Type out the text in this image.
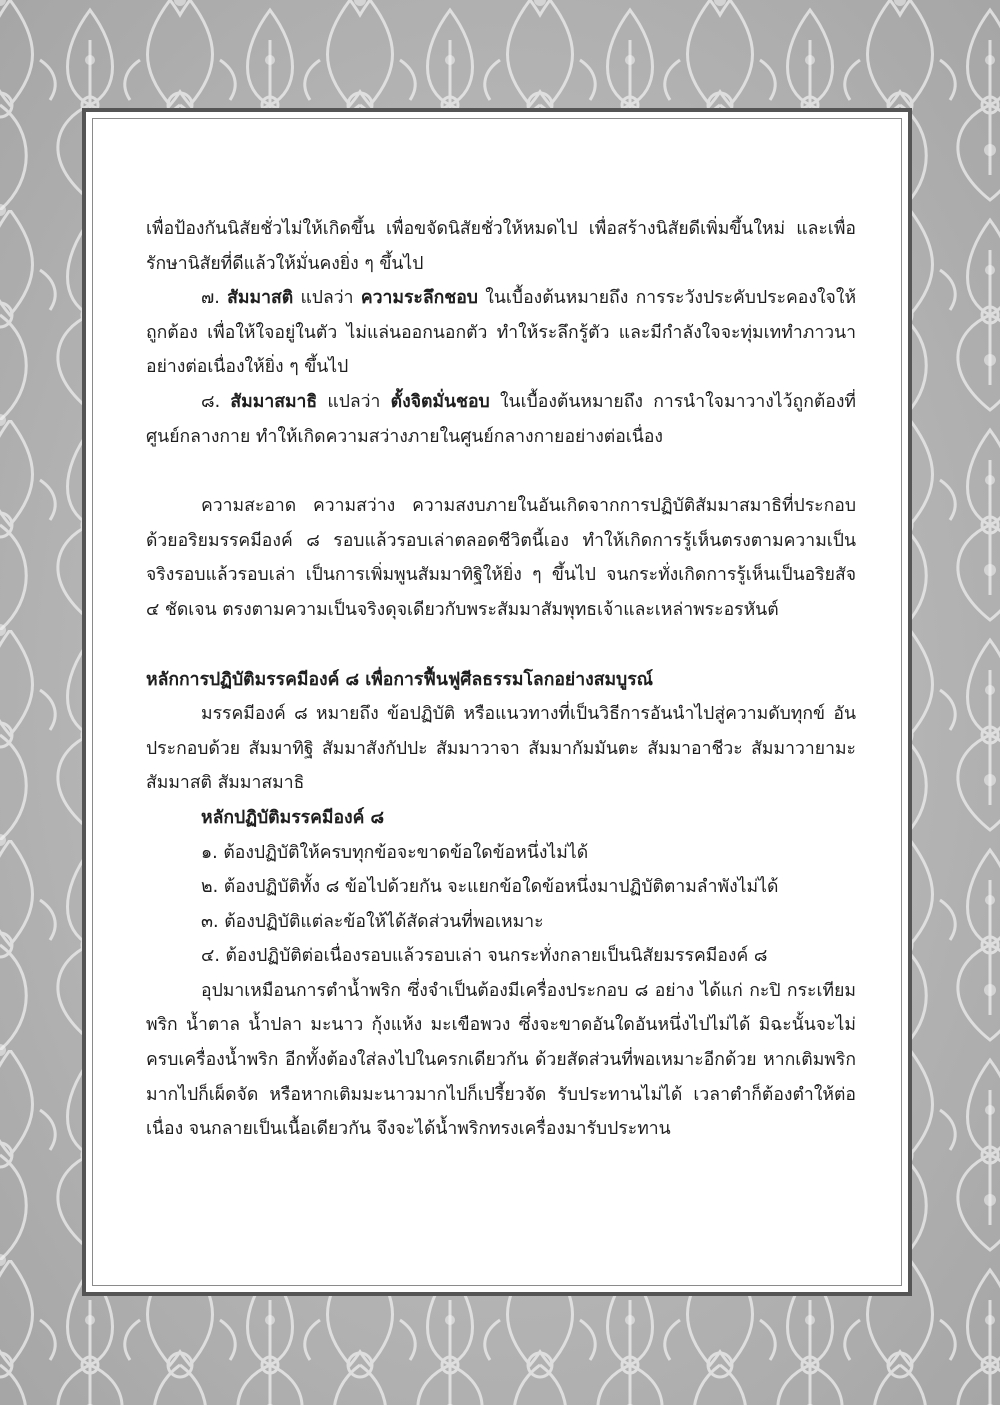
เพื่อป้องกันนิสัยชั่วไม่ให้เกิดขึ้น เพื่อขจัดนิสัยชั่วให้หมดไป เพื่อสร้างนิสัยดีเพิ่มขึ้นใหม่ และเพื่อรักษานิสัยที่ดีแล้วให้มั่นคงยิ่ง ๆ ขึ้นไป

๗. สัมมาสติ แปลว่า ความระลึกชอบ ในเบื้องต้นหมายถึง การระวังประคับประคองใจให้ถูกต้อง เพื่อให้ใจอยู่ในตัว ไม่แล่นออกนอกตัว ทำให้ระลึกรู้ตัว และมีกำลังใจจะทุ่มเททำภาวนาอย่างต่อเนื่องให้ยิ่ง ๆ ขึ้นไป

๘. สัมมาสมาธิ แปลว่า ตั้งจิตมั่นชอบ ในเบื้องต้นหมายถึง การนำใจมาวางไว้ถูกต้องที่ศูนย์กลางกาย ทำให้เกิดความสว่างภายในศูนย์กลางกายอย่างต่อเนื่อง

ความสะอาด ความสว่าง ความสงบภายในอันเกิดจากการปฏิบัติสัมมาสมาธิที่ประกอบด้วยอริยมรรคมีองค์ ๘ รอบแล้วรอบเล่าตลอดชีวิตนี้เอง ทำให้เกิดการรู้เห็นตรงตามความเป็นจริงรอบแล้วรอบเล่า เป็นการเพิ่มพูนสัมมาทิฐิให้ยิ่ง ๆ ขึ้นไป จนกระทั่งเกิดการรู้เห็นเป็นอริยสัจ ๔ ชัดเจน ตรงตามความเป็นจริงดุจเดียวกับพระสัมมาสัมพุทธเจ้าและเหล่าพระอรหันต์

หลักการปฏิบัติมรรคมีองค์ ๘ เพื่อการฟื้นฟูศีลธรรมโลกอย่างสมบูรณ์

มรรคมีองค์ ๘ หมายถึง ข้อปฏิบัติ หรือแนวทางที่เป็นวิธีการอันนำไปสู่ความดับทุกข์ อันประกอบด้วย สัมมาทิฐิ สัมมาสังกัปปะ สัมมาวาจา สัมมากัมมันตะ สัมมาอาชีวะ สัมมาวายามะ สัมมาสติ สัมมาสมาธิ

หลักปฏิบัติมรรคมีองค์ ๘

๑. ต้องปฏิบัติให้ครบทุกข้อจะขาดข้อใดข้อหนึ่งไม่ได้

๒. ต้องปฏิบัติทั้ง ๘ ข้อไปด้วยกัน จะแยกข้อใดข้อหนึ่งมาปฏิบัติตามลำพังไม่ได้

๓. ต้องปฏิบัติแต่ละข้อให้ได้สัดส่วนที่พอเหมาะ

๔. ต้องปฏิบัติต่อเนื่องรอบแล้วรอบเล่า จนกระทั่งกลายเป็นนิสัยมรรคมีองค์ ๘

อุปมาเหมือนการตำน้ำพริก ซึ่งจำเป็นต้องมีเครื่องประกอบ ๘ อย่าง ได้แก่ กะปิ กระเทียม พริก น้ำตาล น้ำปลา มะนาว กุ้งแห้ง มะเขือพวง ซึ่งจะขาดอันใดอันหนึ่งไปไม่ได้ มิฉะนั้นจะไม่ครบเครื่องน้ำพริก อีกทั้งต้องใส่ลงไปในครกเดียวกัน ด้วยสัดส่วนที่พอเหมาะอีกด้วย หากเติมพริกมากไปก็เผ็ดจัด หรือหากเติมมะนาวมากไปก็เปรี้ยวจัด รับประทานไม่ได้ เวลาตำก็ต้องตำให้ต่อเนื่อง จนกลายเป็นเนื้อเดียวกัน จึงจะได้น้ำพริกทรงเครื่องมารับประทาน
